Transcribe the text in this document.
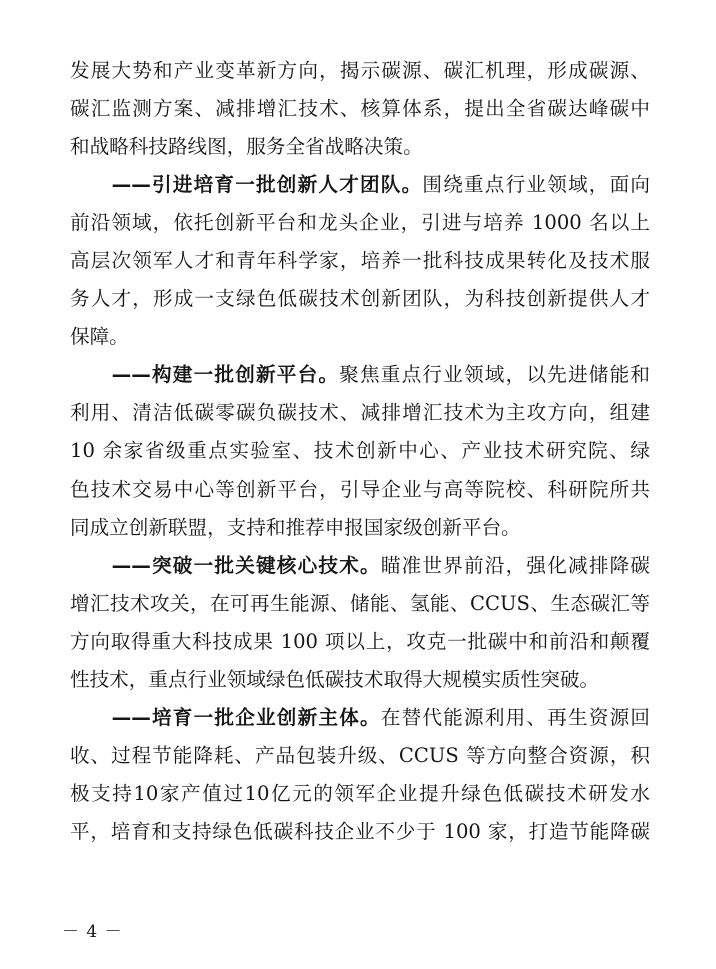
发展大势和产业变革新方向，揭示碳源、碳汇机理，形成碳源、
碳汇监测方案、减排增汇技术、核算体系，提出全省碳达峰碳中
和战略科技路线图，服务全省战略决策。
　　——引进培育一批创新人才团队。围绕重点行业领域，面向
前沿领域，依托创新平台和龙头企业，引进与培养 1000 名以上
高层次领军人才和青年科学家，培养一批科技成果转化及技术服
务人才，形成一支绿色低碳技术创新团队，为科技创新提供人才
保障。
　　——构建一批创新平台。聚焦重点行业领域，以先进储能和
利用、清洁低碳零碳负碳技术、减排增汇技术为主攻方向，组建
10 余家省级重点实验室、技术创新中心、产业技术研究院、绿
色技术交易中心等创新平台，引导企业与高等院校、科研院所共
同成立创新联盟，支持和推荐申报国家级创新平台。
　　——突破一批关键核心技术。瞄准世界前沿，强化减排降碳
增汇技术攻关，在可再生能源、储能、氢能、CCUS、生态碳汇等
方向取得重大科技成果 100 项以上，攻克一批碳中和前沿和颠覆
性技术，重点行业领域绿色低碳技术取得大规模实质性突破。
　　——培育一批企业创新主体。在替代能源利用、再生资源回
收、过程节能降耗、产品包装升级、CCUS 等方向整合资源，积
极支持10家产值过10亿元的领军企业提升绿色低碳技术研发水
平，培育和支持绿色低碳科技企业不少于 100 家，打造节能降碳
－ 4 －
